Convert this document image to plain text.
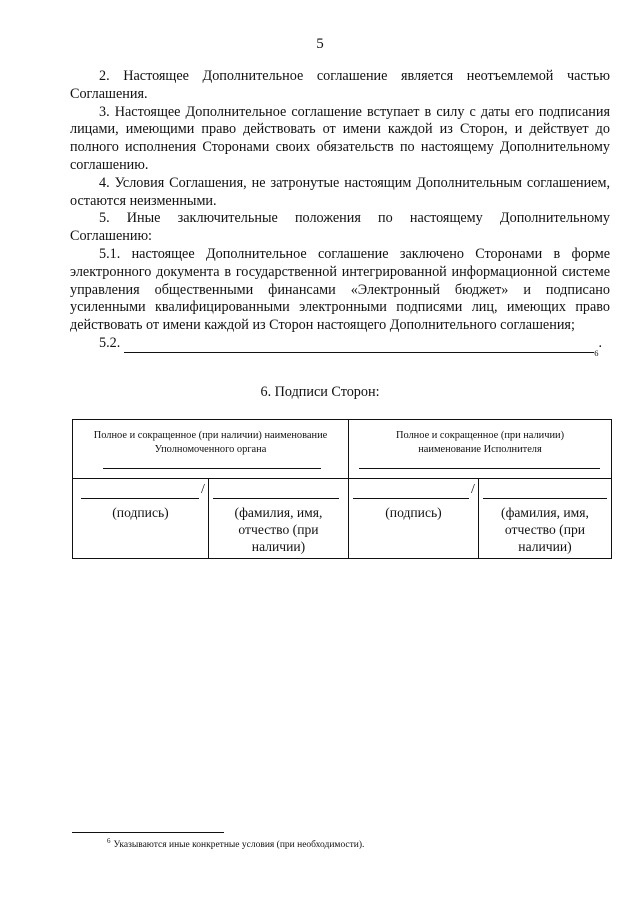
5

2. Настоящее Дополнительное соглашение является неотъемлемой частью Соглашения.

3. Настоящее Дополнительное соглашение вступает в силу с даты его подписания лицами, имеющими право действовать от имени каждой из Сторон, и действует до полного исполнения Сторонами своих обязательств по настоящему Дополнительному соглашению.

4. Условия Соглашения, не затронутые настоящим Дополнительным соглашением, остаются неизменными.

5. Иные заключительные положения по настоящему Дополнительному Соглашению:

5.1. настоящее Дополнительное соглашение заключено Сторонами в форме электронного документа в государственной интегрированной информационной системе управления общественными финансами «Электронный бюджет» и подписано усиленными квалифицированными электронными подписями лиц, имеющих право действовать от имени каждой из Сторон настоящего Дополнительного соглашения;

5.2.
6
.
6. Подписи Сторон:
Полное и сокращенное (при наличии) наименование Уполномоченного органа
Полное и сокращенное (при наличии) наименование Исполнителя
/
(подпись)	(фамилия, имя, отчество (при наличии)
/
(подпись)	(фамилия, имя, отчество (при наличии)
$^6$ Указываются иные конкретные условия (при необходимости).
